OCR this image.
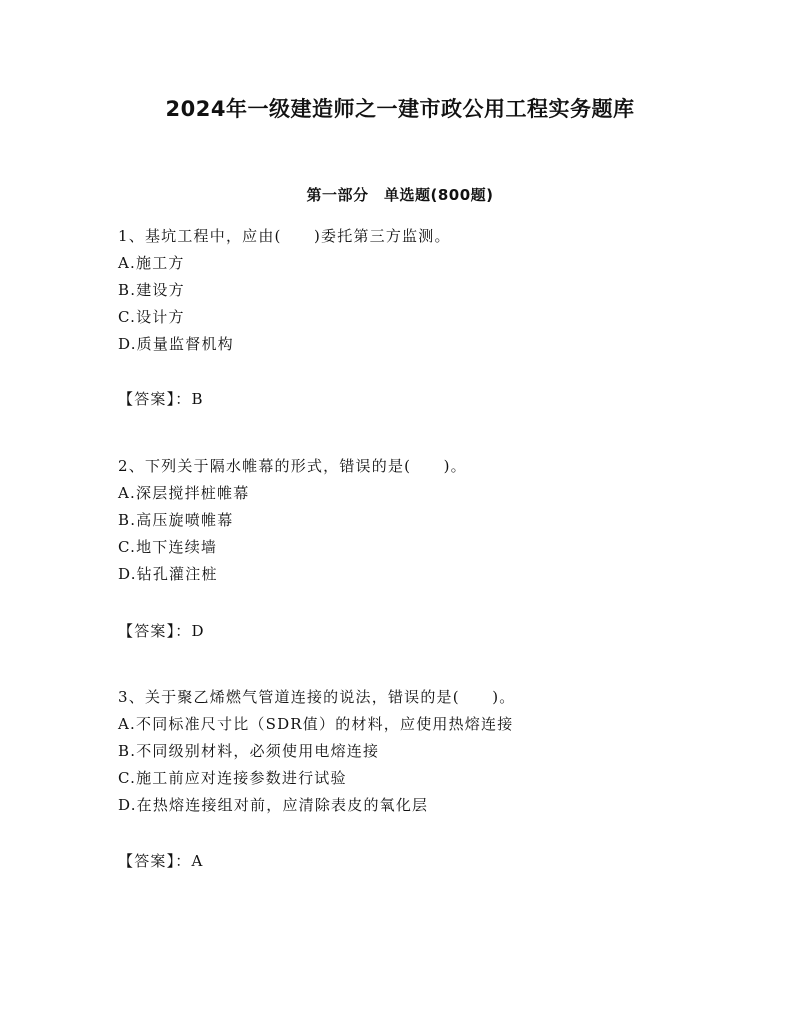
2024年一级建造师之一建市政公用工程实务题库
第一部分　单选题(800题)
1、基坑工程中，应由(　　)委托第三方监测。
A.施工方
B.建设方
C.设计方
D.质量监督机构
【答案】：B
2、下列关于隔水帷幕的形式，错误的是(　　)。
A.深层搅拌桩帷幕
B.高压旋喷帷幕
C.地下连续墙
D.钻孔灌注桩
【答案】：D
3、关于聚乙烯燃气管道连接的说法，错误的是(　　)。
A.不同标准尺寸比（SDR值）的材料，应使用热熔连接
B.不同级别材料，必须使用电熔连接
C.施工前应对连接参数进行试验
D.在热熔连接组对前，应清除表皮的氧化层
【答案】：A
